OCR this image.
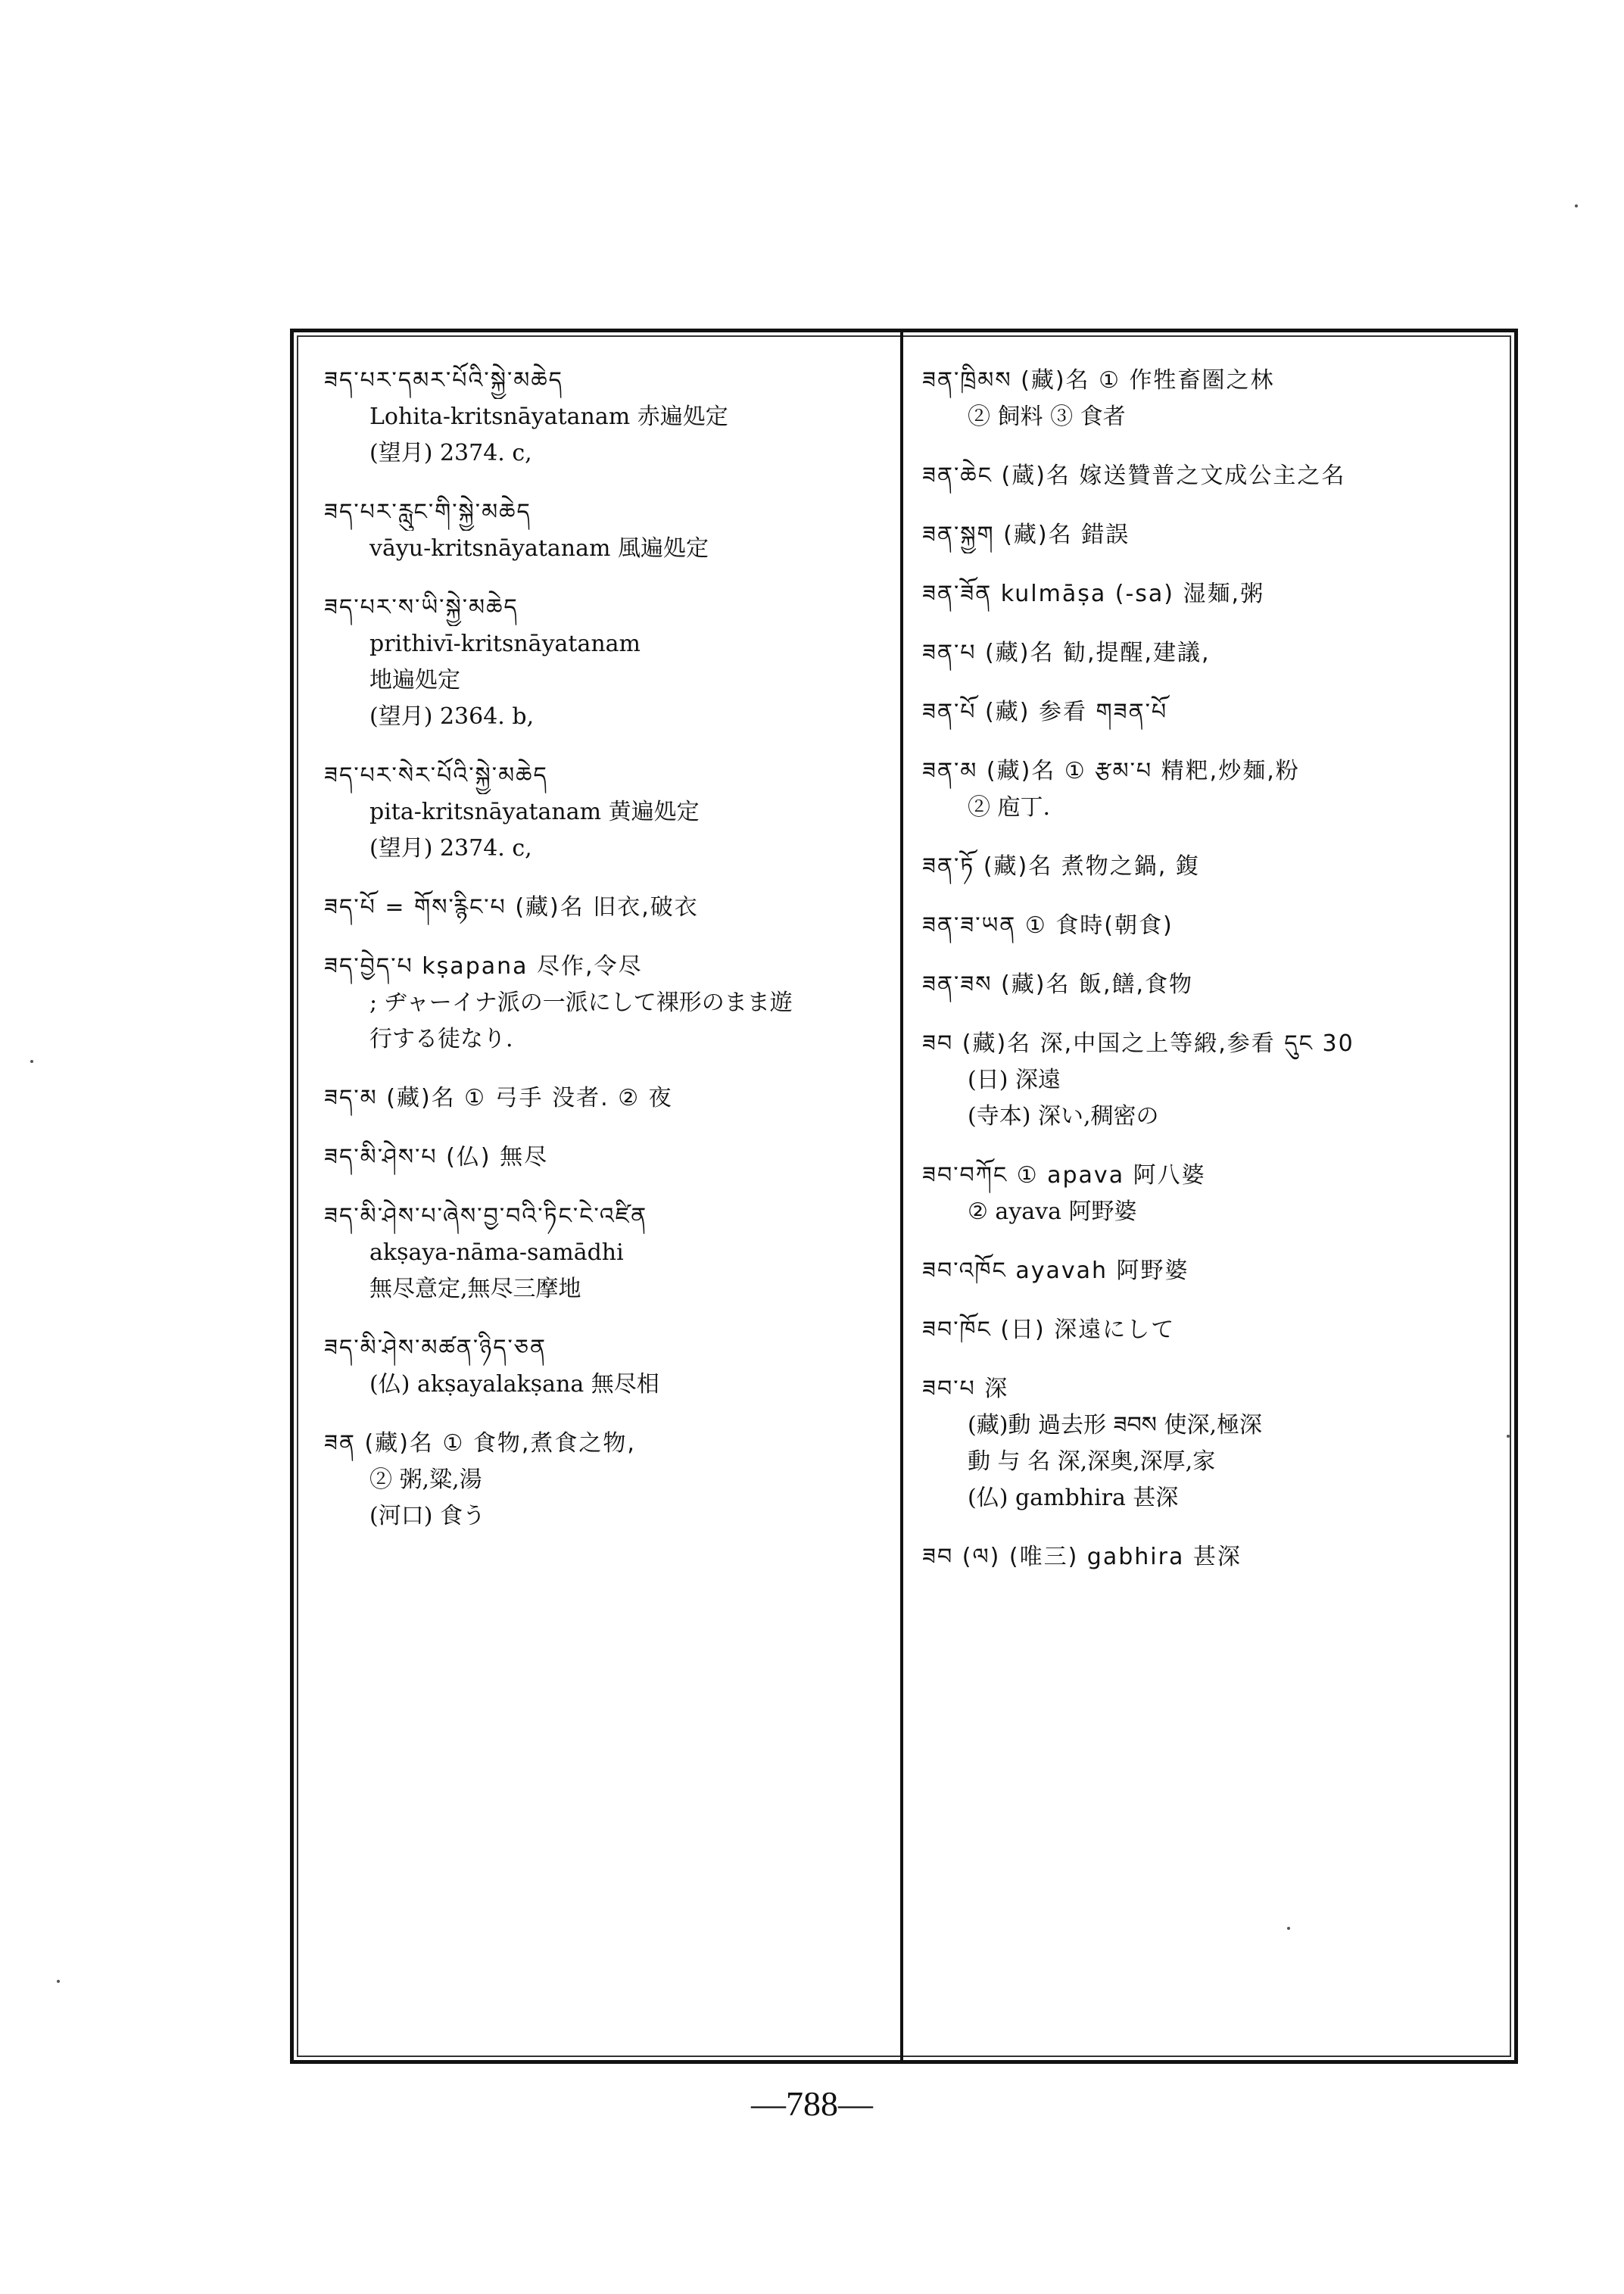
ཟད་པར་དམར་པོའི་སྐྱེ་མཆེད
Lohita-kritsnāyatanam 赤遍処定
(望月) 2374. c,
ཟད་པར་རླུང་གི་སྐྱེ་མཆེད
vāyu-kritsnāyatanam 風遍処定
ཟད་པར་ས་ཡི་སྐྱེ་མཆེད
prithivī-kritsnāyatanam
地遍処定
(望月) 2364. b,
ཟད་པར་སེར་པོའི་སྐྱེ་མཆེད
pita-kritsnāyatanam 黄遍処定
(望月) 2374. c,
ཟད་པོ = གོས་རྙིང་པ (藏)名 旧衣,破衣
ཟད་བྱེད་པ kṣapana 尽作,令尽
; ヂャーイナ派の一派にして裸形のまま遊
行する徒なり.
ཟད་མ (藏)名 ① 弓手 没者. ② 夜
ཟད་མི་ཤེས་པ (仏) 無尽
ཟད་མི་ཤེས་པ་ཞེས་བྱ་བའི་ཏིང་ངེ་འཛིན
akṣaya-nāma-samādhi
無尽意定,無尽三摩地
ཟད་མི་ཤེས་མཚན་ཉིད་ཅན
(仏) akṣayalakṣana 無尽相
ཟན (藏)名 ① 食物,煮食之物,
② 粥,粱,湯
(河口) 食う
ཟན་ཁྲིམས (藏)名 ① 作牲畜圏之林
② 飼料 ③ 食者
ཟན་ཆེང (蔵)名 嫁送贊普之文成公主之名
ཟན་སྐྱག (藏)名 錯誤
ཟན་ཟོན kulmāṣa (-sa) 湿麺,粥
ཟན་པ (藏)名 勧,提醒,建議,
ཟན་པོ (藏) 参看 གཟན་པོ
ཟན་མ (藏)名 ① རྩམ་པ 精粑,炒麺,粉
② 庖丁.
ཟན་ཏོ (藏)名 煮物之鍋, 鍑
ཟན་ཟ་ཡན ① 食時(朝食)
ཟན་ཟས (藏)名 飯,饍,食物
ཟབ (藏)名 深,中国之上等緞,参看 དུང 30
(日) 深遠
(寺本) 深い,稠密の
ཟབ་བཀོང ① apava 阿八婆
② ayava 阿野婆
ཟབ་འཁོང ayavah 阿野婆
ཟབ་ཁོང (日) 深遠にして
ཟབ་པ 深
(藏)動 過去形 ཟབས 使深,極深
動 与 名 深,深奥,深厚,家
(仏) gambhira 甚深
ཟབ (ལ) (唯三) gabhira 甚深
—788—
